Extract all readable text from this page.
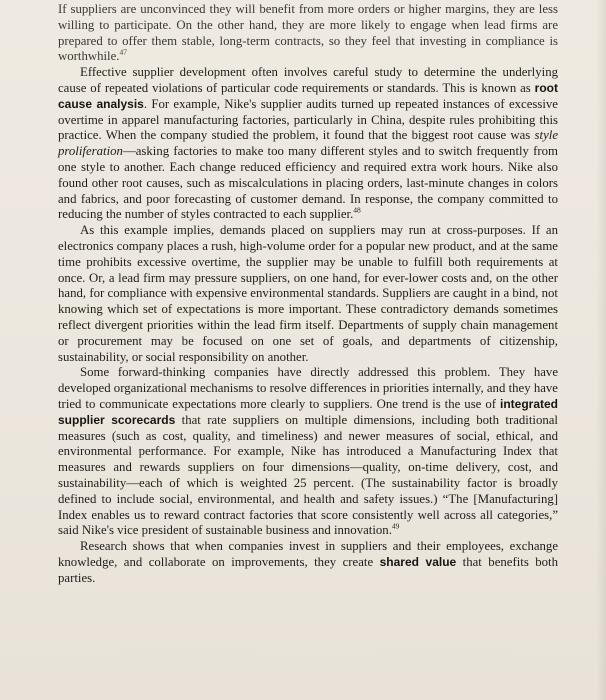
If suppliers are unconvinced they will benefit from more orders or higher margins, they are less willing to participate. On the other hand, they are more likely to engage when lead firms are prepared to offer them stable, long-term contracts, so they feel that investing in compliance is worthwhile.$^{47}$

Effective supplier development often involves careful study to determine the underlying cause of repeated violations of particular code requirements or standards. This is known as root cause analysis. For example, Nike's supplier audits turned up repeated instances of excessive overtime in apparel manufacturing factories, particularly in China, despite rules prohibiting this practice. When the company studied the problem, it found that the biggest root cause was style proliferation—asking factories to make too many different styles and to switch frequently from one style to another. Each change reduced efficiency and required extra work hours. Nike also found other root causes, such as miscalculations in placing orders, last-minute changes in colors and fabrics, and poor forecasting of customer demand. In response, the company committed to reducing the number of styles contracted to each supplier.$^{48}$

As this example implies, demands placed on suppliers may run at cross-purposes. If an electronics company places a rush, high-volume order for a popular new product, and at the same time prohibits excessive overtime, the supplier may be unable to fulfill both requirements at once. Or, a lead firm may pressure suppliers, on one hand, for ever-lower costs and, on the other hand, for compliance with expensive environmental standards. Suppliers are caught in a bind, not knowing which set of expectations is more important. These contradictory demands sometimes reflect divergent priorities within the lead firm itself. Departments of supply chain management or procurement may be focused on one set of goals, and departments of citizenship, sustainability, or social responsibility on another.

Some forward-thinking companies have directly addressed this problem. They have developed organizational mechanisms to resolve differences in priorities internally, and they have tried to communicate expectations more clearly to suppliers. One trend is the use of integrated supplier scorecards that rate suppliers on multiple dimensions, including both traditional measures (such as cost, quality, and timeliness) and newer measures of social, ethical, and environmental performance. For example, Nike has introduced a Manufacturing Index that measures and rewards suppliers on four dimensions—quality, on-time delivery, cost, and sustainability—each of which is weighted 25 percent. (The sustainability factor is broadly defined to include social, environmental, and health and safety issues.) “The [Manufacturing] Index enables us to reward contract factories that score consistently well across all categories,” said Nike's vice president of sustainable business and innovation.$^{49}$

Research shows that when companies invest in suppliers and their employees, exchange knowledge, and collaborate on improvements, they create shared value that benefits both parties.
